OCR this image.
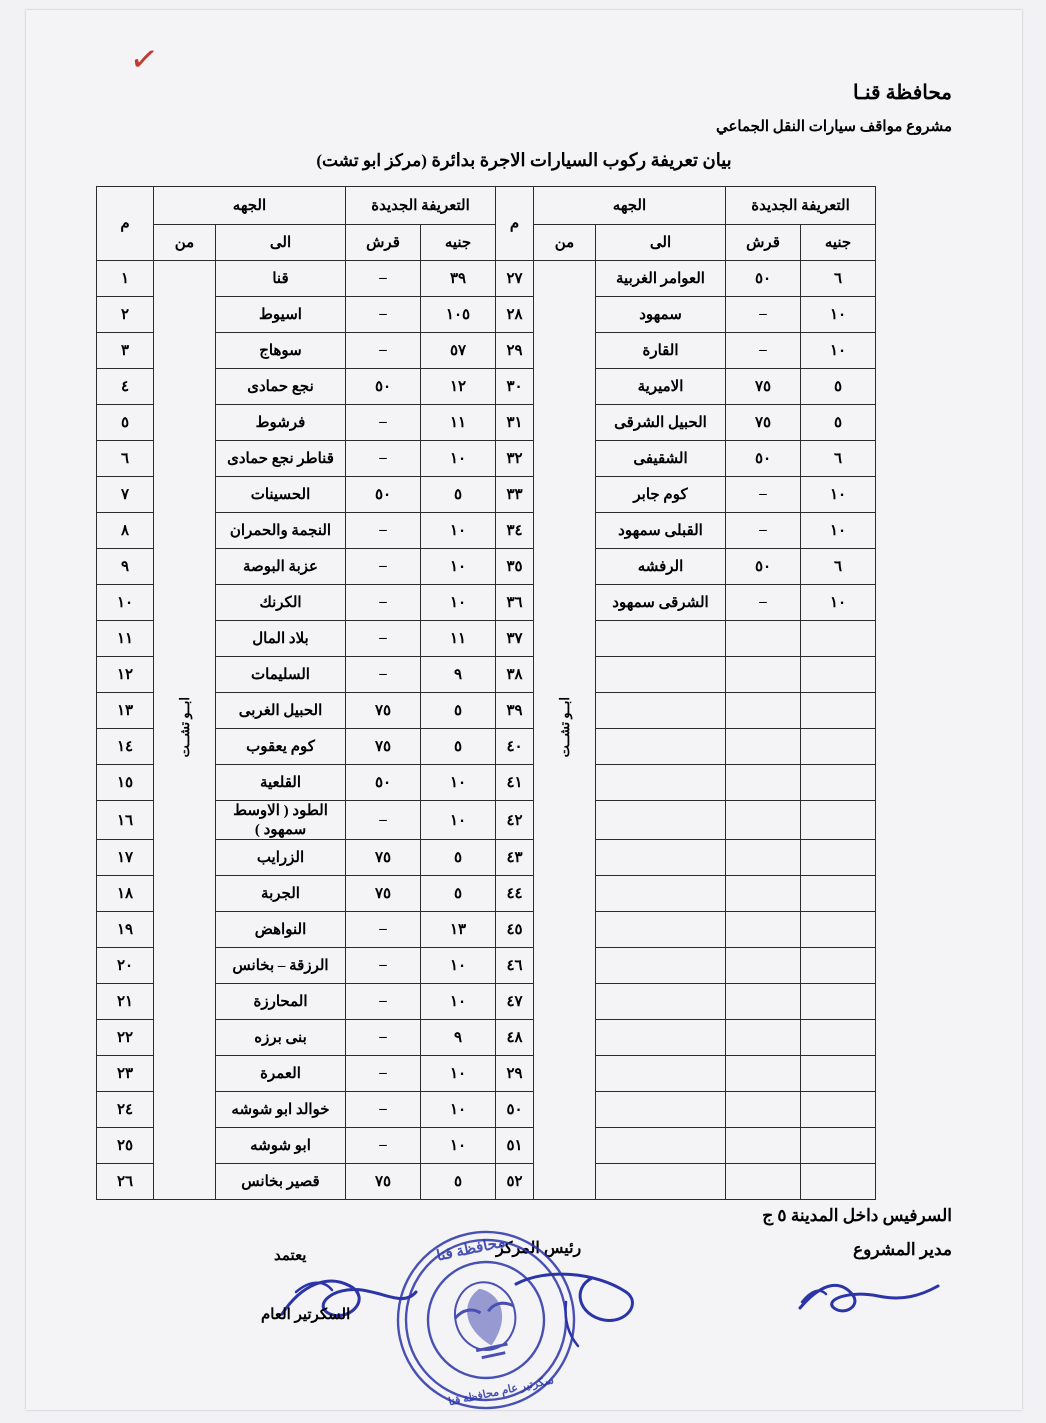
✓
محافظة قنـا
مشروع مواقف سيارات النقل الجماعي
بيان تعريفة ركوب السيارات الاجرة بدائرة (مركز ابو تشت)
التعريفة الجديدة		الجهه		م	التعريفة الجديدة		الجهه		م
جنيه	قرش	الى	من		جنيه	قرش	الى	من	
٦	٥٠	العوامر الغربية	ابــو تشــت	٢٧	٣٩	–	قنا	ابــو تشــت	١
١٠	–	سمهود		٢٨	١٠٥	–	اسيوط		٢
١٠	–	القارة		٢٩	٥٧	–	سوهاج		٣
٥	٧٥	الاميرية		٣٠	١٢	٥٠	نجع حمادى		٤
٥	٧٥	الحبيل الشرقى		٣١	١١	–	فرشوط		٥
٦	٥٠	الشقيفى		٣٢	١٠	–	قناطر نجع حمادى		٦
١٠	–	كوم جابر		٣٣	٥	٥٠	الحسينات		٧
١٠	–	القبلى سمهود		٣٤	١٠	–	النجمة والحمران		٨
٦	٥٠	الرفشه		٣٥	١٠	–	عزبة البوصة		٩
١٠	–	الشرقى سمهود		٣٦	١٠	–	الكرنك		١٠
				٣٧	١١	–	بلاد المال		١١
				٣٨	٩	–	السليمات		١٢
				٣٩	٥	٧٥	الحبيل الغربى		١٣
				٤٠	٥	٧٥	كوم يعقوب		١٤
				٤١	١٠	٥٠	القلعية		١٥
				٤٢	١٠	–	الطود ( الاوسط سمهود )		١٦
				٤٣	٥	٧٥	الزرايب		١٧
				٤٤	٥	٧٥	الجربة		١٨
				٤٥	١٣	–	النواهض		١٩
				٤٦	١٠	–	الرزقة – بخانس		٢٠
				٤٧	١٠	–	المحارزة		٢١
				٤٨	٩	–	بنى برزه		٢٢
				٢٩	١٠	–	العمرة		٢٣
				٥٠	١٠	–	خوالد ابو شوشه		٢٤
				٥١	١٠	–	ابو شوشه		٢٥
				٥٢	٥	٧٥	قصير بخانس		٢٦
السرفيس داخل المدينة ٥ ج
مدير المشروع
رئيس المركز
يعتمد
السكرتير العام
محافظة قنا
سكرتير عام محافظة قنا
